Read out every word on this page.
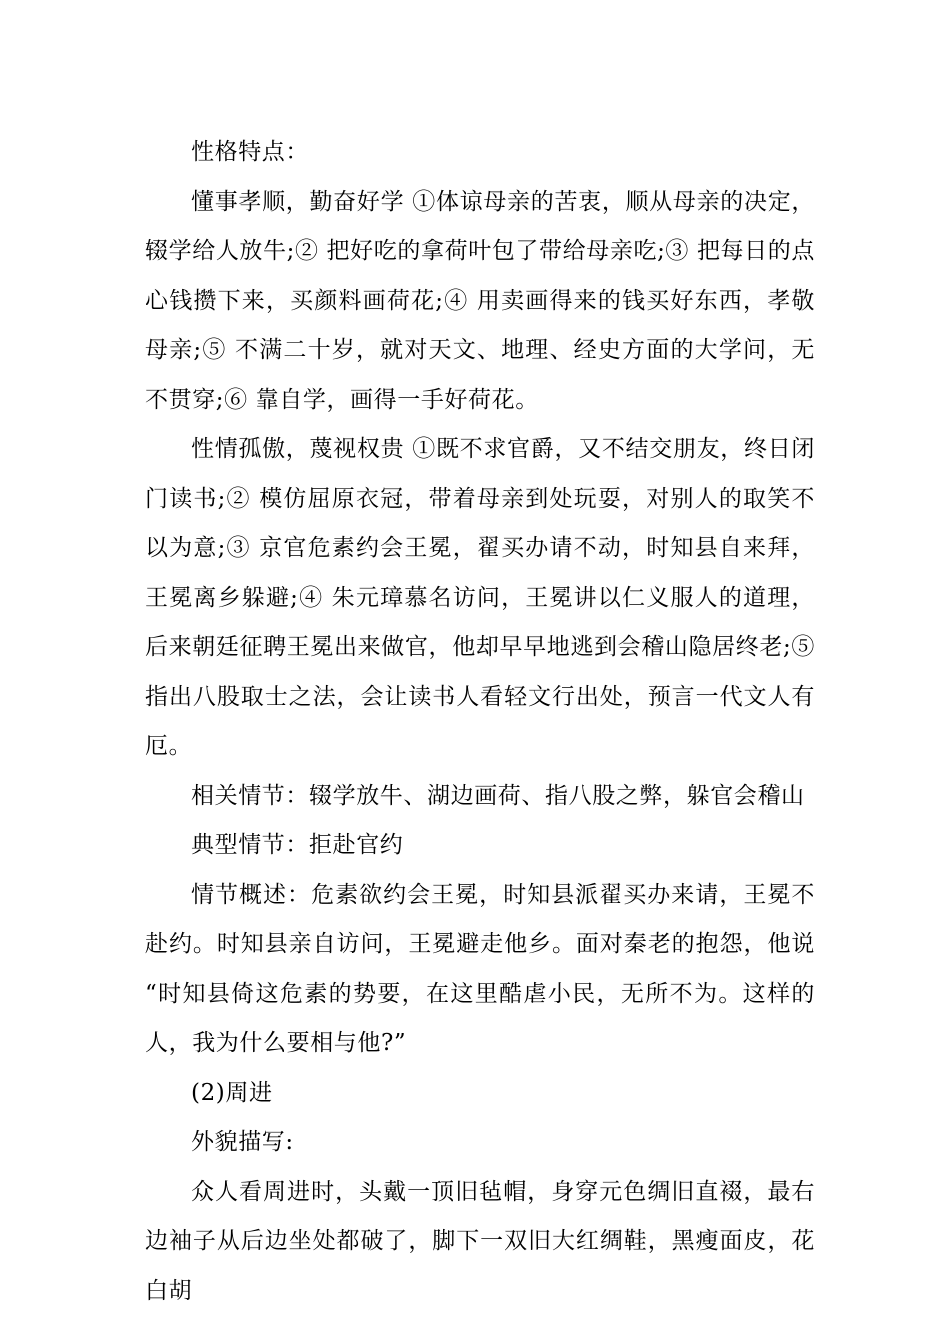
性格特点：

懂事孝顺，勤奋好学 ①体谅母亲的苦衷，顺从母亲的决定，辍学给人放牛;② 把好吃的拿荷叶包了带给母亲吃;③ 把每日的点心钱攒下来，买颜料画荷花;④ 用卖画得来的钱买好东西，孝敬母亲;⑤ 不满二十岁，就对天文、地理、经史方面的大学问，无不贯穿;⑥ 靠自学，画得一手好荷花。

性情孤傲，蔑视权贵 ①既不求官爵，又不结交朋友，终日闭门读书;② 模仿屈原衣冠，带着母亲到处玩耍，对别人的取笑不以为意;③ 京官危素约会王冕，翟买办请不动，时知县自来拜，王冕离乡躲避;④ 朱元璋慕名访问，王冕讲以仁义服人的道理，后来朝廷征聘王冕出来做官，他却早早地逃到会稽山隐居终老;⑤ 指出八股取士之法，会让读书人看轻文行出处，预言一代文人有厄。

相关情节：辍学放牛、湖边画荷、指八股之弊，躲官会稽山

典型情节：拒赴官约

情节概述：危素欲约会王冕，时知县派翟买办来请，王冕不赴约。时知县亲自访问，王冕避走他乡。面对秦老的抱怨，他说“时知县倚这危素的势要，在这里酷虐小民，无所不为。这样的人，我为什么要相与他?”

(2)周进

外貌描写:

众人看周进时，头戴一顶旧毡帽，身穿元色绸旧直裰，最右边袖子从后边坐处都破了，脚下一双旧大红绸鞋，黑瘦面皮，花白胡
